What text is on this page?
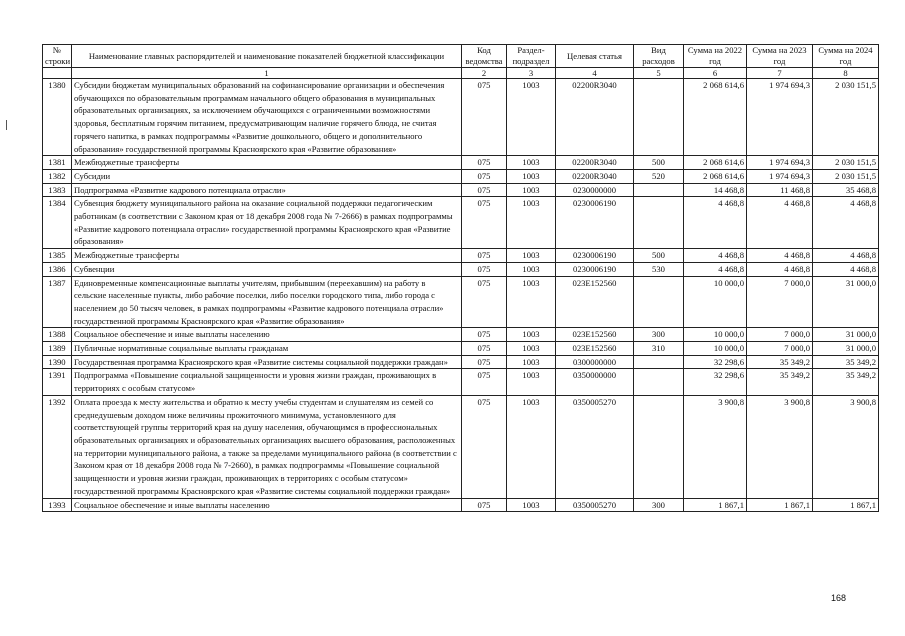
№ строки	Наименование главных распорядителей и наименование показателей бюджетной классификации	Код ведомства	Раздел-подраздел	Целевая статья	Вид расходов	Сумма на 2022 год	Сумма на 2023 год	Сумма на 2024 год
	1	2	3	4	5	6	7	8
1380	Субсидии бюджетам муниципальных образований на софинансирование организации и обеспечения обучающихся по образовательным программам начального общего образования в муниципальных образовательных организациях, за исключением обучающихся с ограниченными возможностями здоровья, бесплатным горячим питанием, предусматривающим наличие горячего блюда, не считая горячего напитка, в рамках подпрограммы «Развитие дошкольного, общего и дополнительного образования» государственной программы Красноярского края «Развитие образования»	075	1003	02200R3040		2 068 614,6	1 974 694,3	2 030 151,5
1381	Межбюджетные трансферты	075	1003	02200R3040	500	2 068 614,6	1 974 694,3	2 030 151,5
1382	Субсидии	075	1003	02200R3040	520	2 068 614,6	1 974 694,3	2 030 151,5
1383	Подпрограмма «Развитие кадрового потенциала отрасли»	075	1003	0230000000		14 468,8	11 468,8	35 468,8
1384	Субвенция бюджету муниципального района на оказание социальной поддержки педагогическим работникам (в соответствии с Законом края от 18 декабря 2008 года № 7-2666) в рамках подпрограммы «Развитие кадрового потенциала отрасли» государственной программы Красноярского края «Развитие образования»	075	1003	0230006190		4 468,8	4 468,8	4 468,8
1385	Межбюджетные трансферты	075	1003	0230006190	500	4 468,8	4 468,8	4 468,8
1386	Субвенции	075	1003	0230006190	530	4 468,8	4 468,8	4 468,8
1387	Единовременные компенсационные выплаты учителям, прибывшим (переехавшим) на работу в сельские населенные пункты, либо рабочие поселки, либо поселки городского типа, либо города с населением до 50 тысяч человек, в рамках подпрограммы «Развитие кадрового потенциала отрасли» государственной программы Красноярского края «Развитие образования»	075	1003	023E152560		10 000,0	7 000,0	31 000,0
1388	Социальное обеспечение и иные выплаты населению	075	1003	023E152560	300	10 000,0	7 000,0	31 000,0
1389	Публичные нормативные социальные выплаты гражданам	075	1003	023E152560	310	10 000,0	7 000,0	31 000,0
1390	Государственная программа Красноярского края «Развитие системы социальной поддержки граждан»	075	1003	0300000000		32 298,6	35 349,2	35 349,2
1391	Подпрограмма «Повышение социальной защищенности и уровня жизни граждан, проживающих в территориях с особым статусом»	075	1003	0350000000		32 298,6	35 349,2	35 349,2
1392	Оплата проезда к месту жительства и обратно к месту учебы студентам и слушателям из семей со среднедушевым доходом ниже величины прожиточного минимума, установленного для соответствующей группы территорий края на душу населения, обучающимся в профессиональных образовательных организациях и образовательных организациях высшего образования, расположенных на территории муниципального района, а также за пределами муниципального района (в соответствии с Законом края от 18 декабря 2008 года № 7-2660), в рамках подпрограммы «Повышение социальной защищенности и уровня жизни граждан, проживающих в территориях с особым статусом» государственной программы Красноярского края «Развитие системы социальной поддержки граждан»	075	1003	0350005270		3 900,8	3 900,8	3 900,8
1393	Социальное обеспечение и иные выплаты населению	075	1003	0350005270	300	1 867,1	1 867,1	1 867,1
168
